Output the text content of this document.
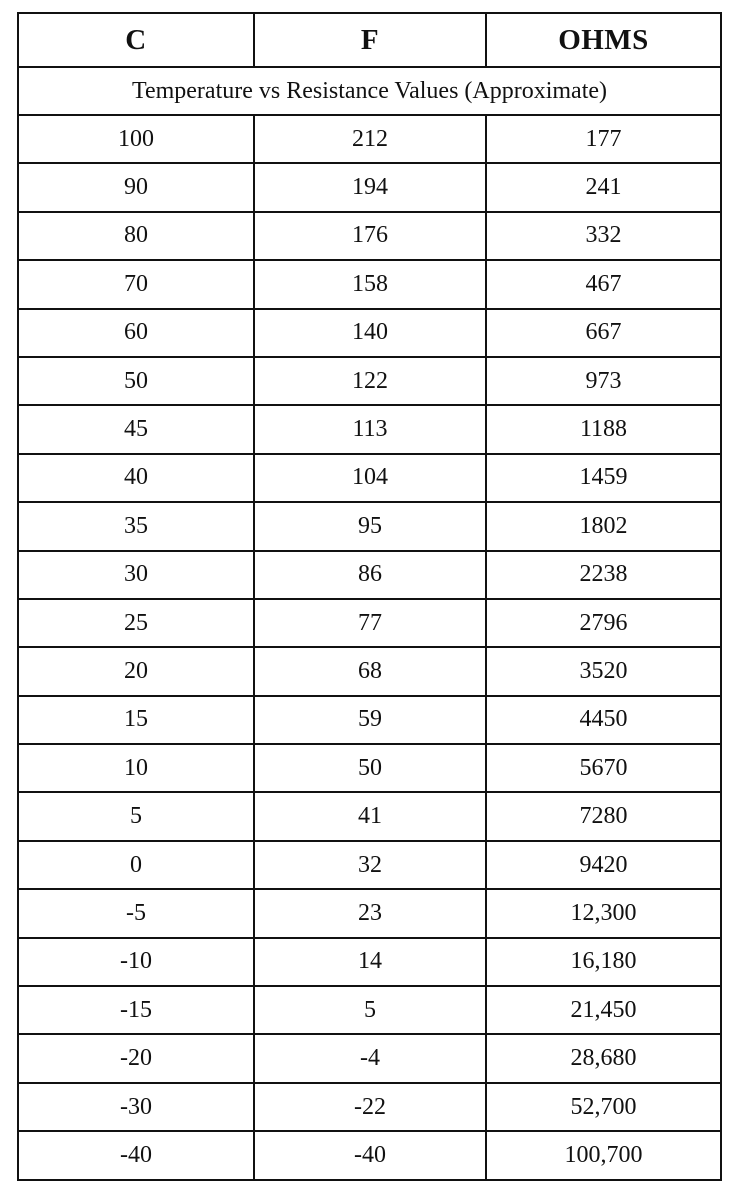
C	F	OHMS
Temperature vs Resistance Values (Approximate)		
100	212	177
90	194	241
80	176	332
70	158	467
60	140	667
50	122	973
45	113	1188
40	104	1459
35	95	1802
30	86	2238
25	77	2796
20	68	3520
15	59	4450
10	50	5670
5	41	7280
0	32	9420
-5	23	12,300
-10	14	16,180
-15	5	21,450
-20	-4	28,680
-30	-22	52,700
-40	-40	100,700
